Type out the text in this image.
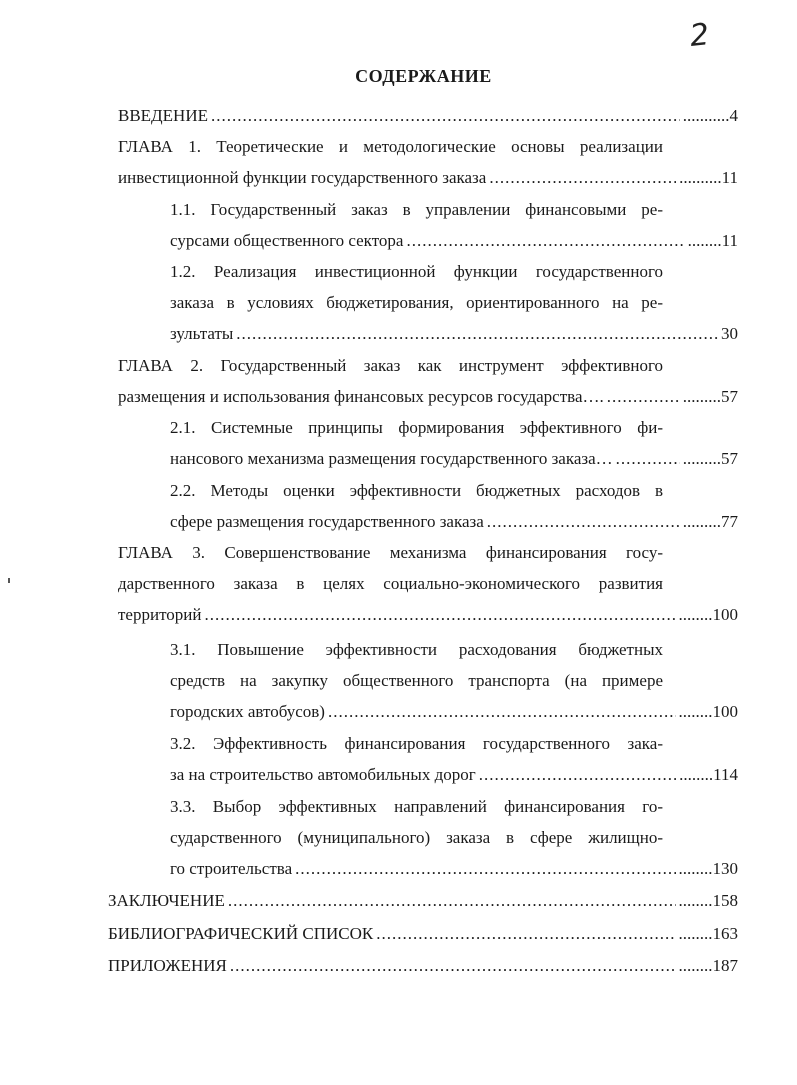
2
СОДЕРЖАНИЕ
ВВЕДЕНИЕ .....	...........4
ГЛАВА 1. Теоретические и методологические основы реализации
инвестиционной функции государственного заказа .....	..........11
1.1. Государственный заказ в управлении финансовыми ре-
сурсами общественного сектора .....	........11
1.2. Реализация инвестиционной функции государственного
заказа в условиях бюджетирования, ориентированного на ре-
зультаты .....	30
ГЛАВА 2. Государственный заказ как инструмент эффективного
размещения и использования финансовых ресурсов государства…. .....	.........57
2.1. Системные принципы формирования эффективного фи-
нансового механизма размещения государственного заказа… .....	.........57
2.2. Методы оценки эффективности бюджетных расходов в
сфере размещения государственного заказа .....	.........77
ГЛАВА 3. Совершенствование механизма финансирования госу-
дарственного заказа в целях социально-экономического развития
территорий .....	........100
3.1. Повышение эффективности расходования бюджетных
средств на закупку общественного транспорта (на примере
городских автобусов) .....	........100
3.2. Эффективность финансирования государственного зака-
за на строительство автомобильных дорог .....	........114
3.3. Выбор эффективных направлений финансирования го-
сударственного (муниципального) заказа в сфере жилищно-
го строительства .....	........130
ЗАКЛЮЧЕНИЕ .....	........158
БИБЛИОГРАФИЧЕСКИЙ СПИСОК .....	........163
ПРИЛОЖЕНИЯ .....	........187
